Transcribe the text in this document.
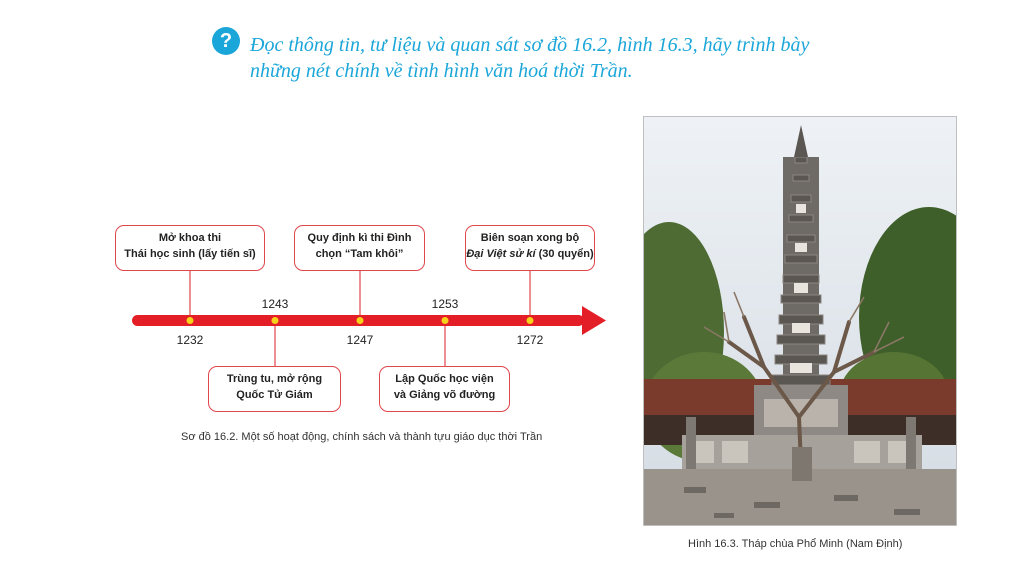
? Đọc thông tin, tư liệu và quan sát sơ đồ 16.2, hình 16.3, hãy trình bày
những nét chính về tình hình văn hoá thời Trần.
1232
1243
1247
1253
1272
Mở khoa thi
Thái học sinh (lấy tiến sĩ)
Quy định kì thi Đình
chọn “Tam khôi”
Biên soạn xong bộ
Đại Việt sử kí (30 quyển)
Trùng tu, mở rộng
Quốc Tử Giám
Lập Quốc học viện
và Giảng võ đường
Sơ đồ 16.2. Một số hoạt động, chính sách và thành tựu giáo dục thời Trần
Hình 16.3. Tháp chùa Phổ Minh (Nam Định)
